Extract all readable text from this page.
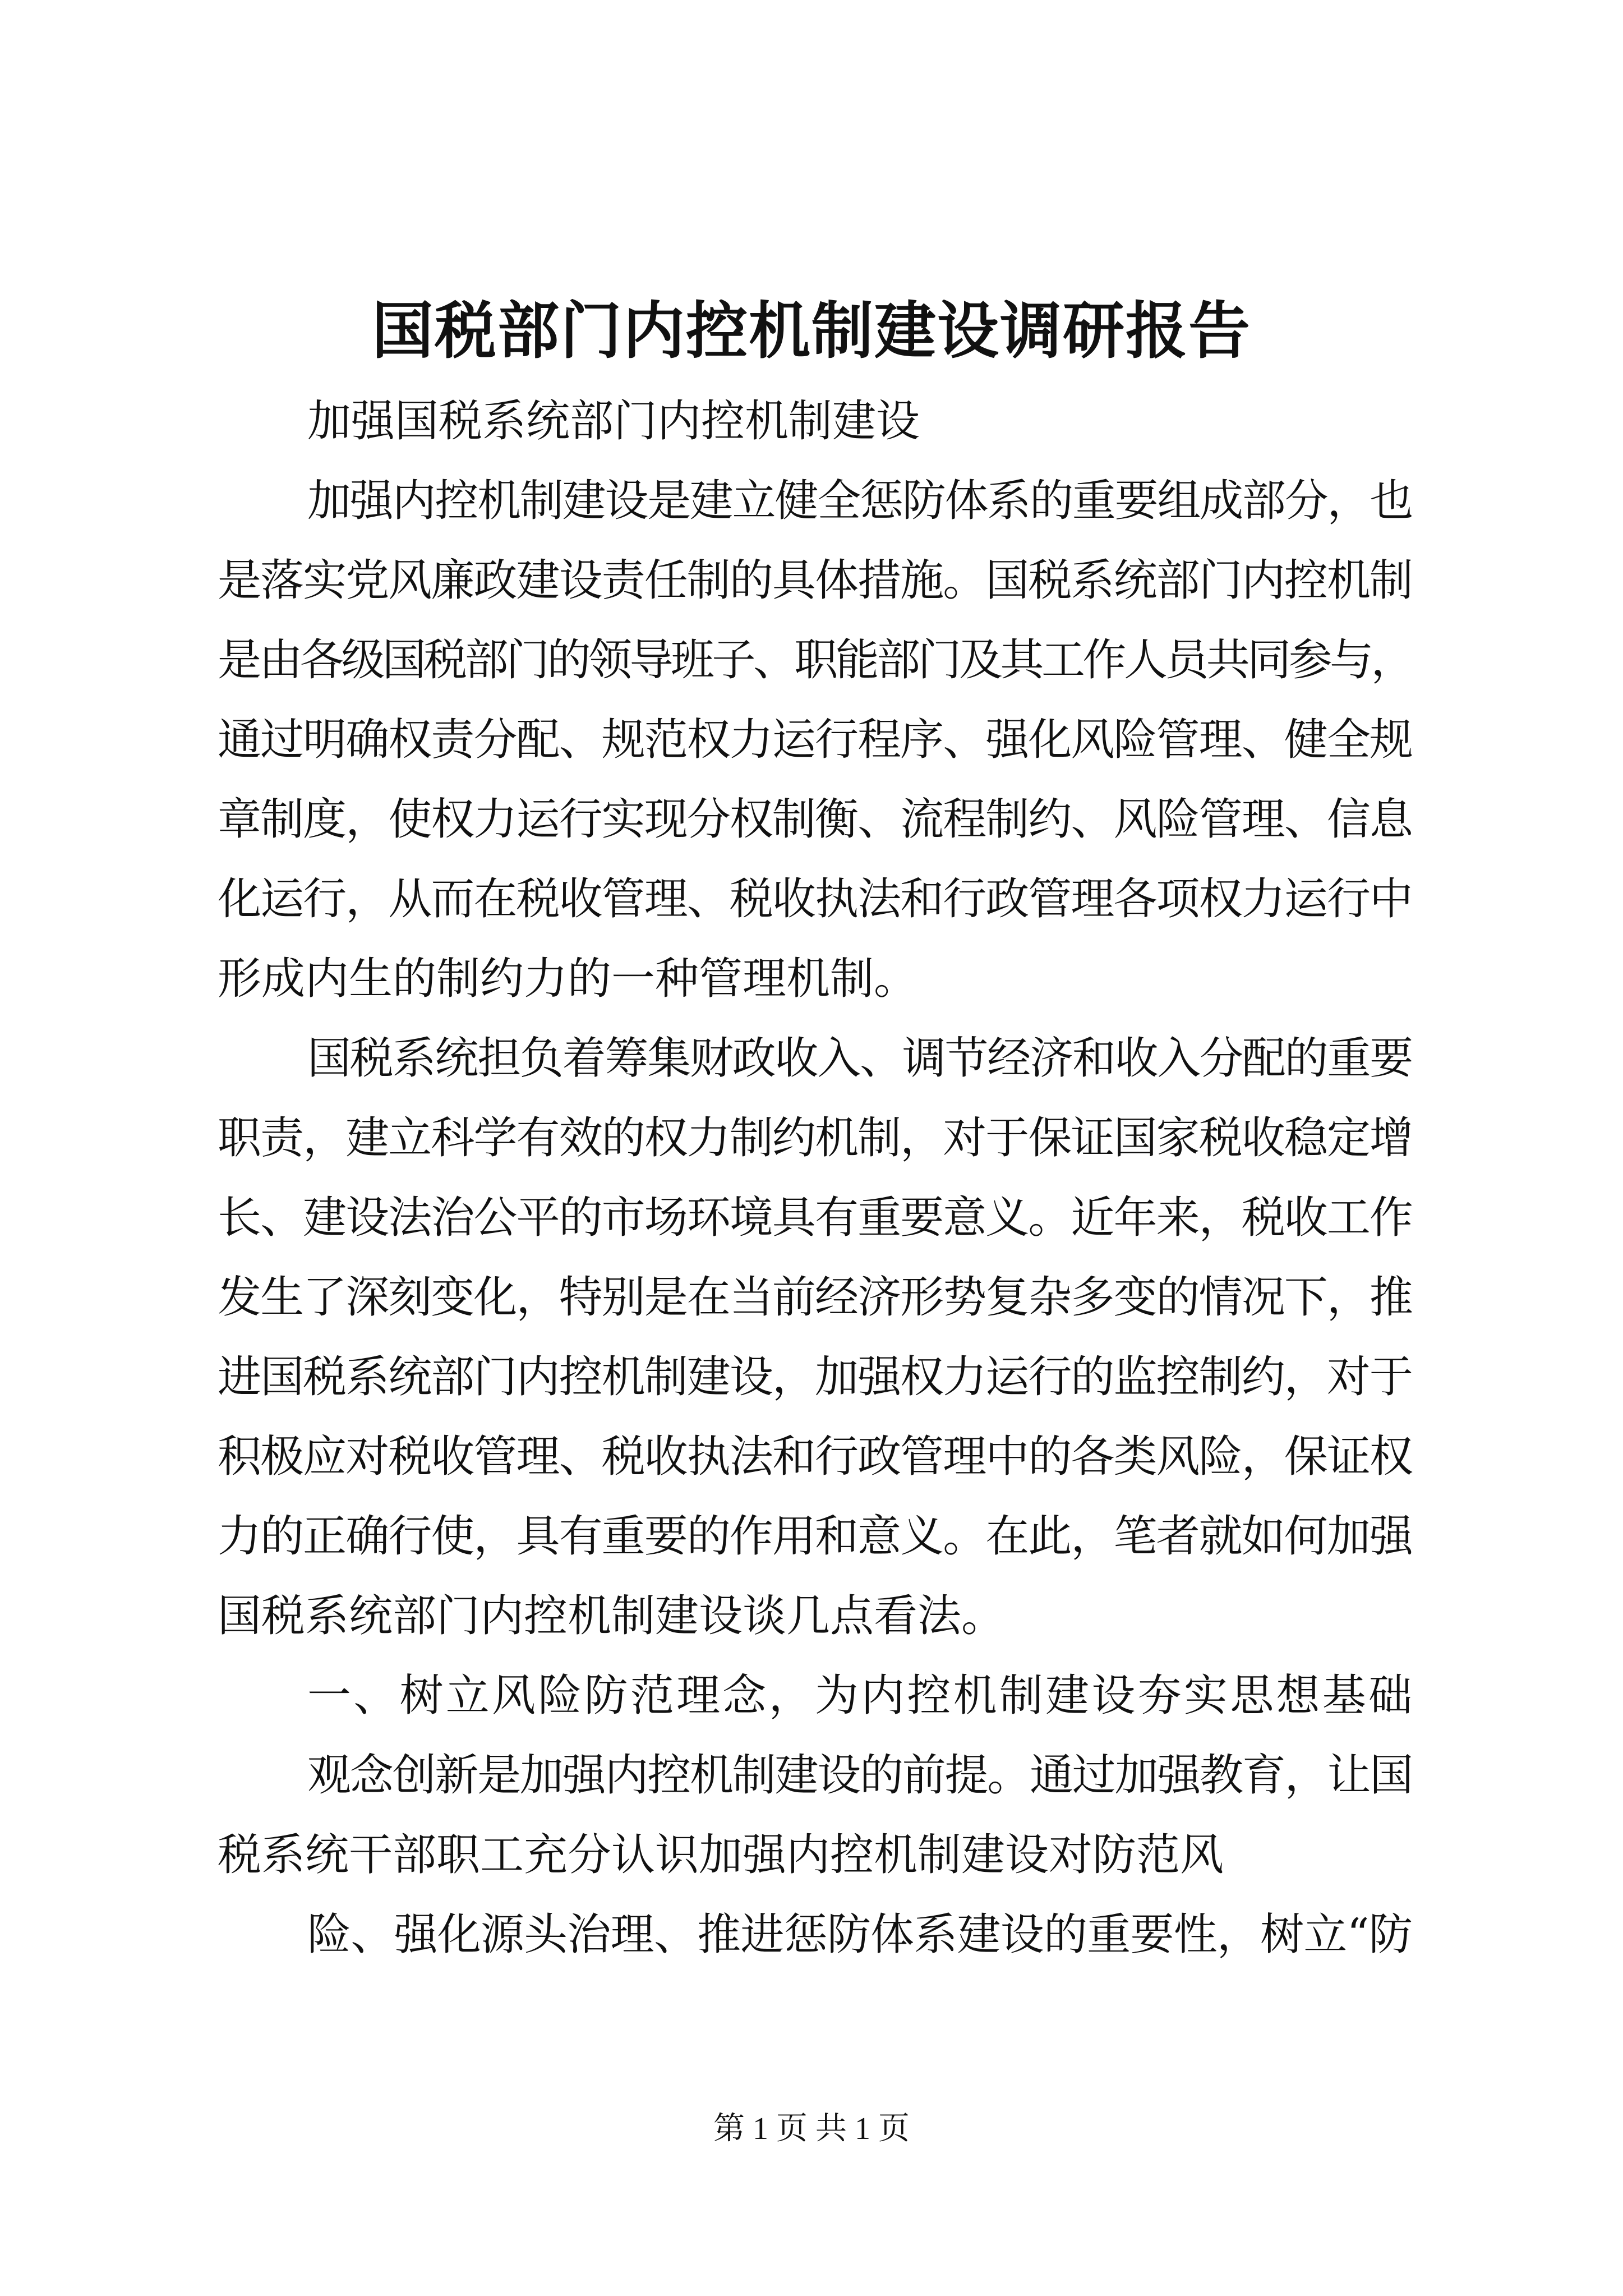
国税部门内控机制建设调研报告
加强国税系统部门内控机制建设
加强内控机制建设是建立健全惩防体系的重要组成部分，也
是落实党风廉政建设责任制的具体措施。国税系统部门内控机制
是由各级国税部门的领导班子、职能部门及其工作人员共同参与，
通过明确权责分配、规范权力运行程序、强化风险管理、健全规
章制度，使权力运行实现分权制衡、流程制约、风险管理、信息
化运行，从而在税收管理、税收执法和行政管理各项权力运行中
形成内生的制约力的一种管理机制。
国税系统担负着筹集财政收入、调节经济和收入分配的重要
职责，建立科学有效的权力制约机制，对于保证国家税收稳定增
长、建设法治公平的市场环境具有重要意义。近年来，税收工作
发生了深刻变化，特别是在当前经济形势复杂多变的情况下，推
进国税系统部门内控机制建设，加强权力运行的监控制约，对于
积极应对税收管理、税收执法和行政管理中的各类风险，保证权
力的正确行使，具有重要的作用和意义。在此，笔者就如何加强
国税系统部门内控机制建设谈几点看法。
一、树立风险防范理念，为内控机制建设夯实思想基础
观念创新是加强内控机制建设的前提。通过加强教育，让国
税系统干部职工充分认识加强内控机制建设对防范风
险、强化源头治理、推进惩防体系建设的重要性，树立“防
第 1 页 共 1 页
